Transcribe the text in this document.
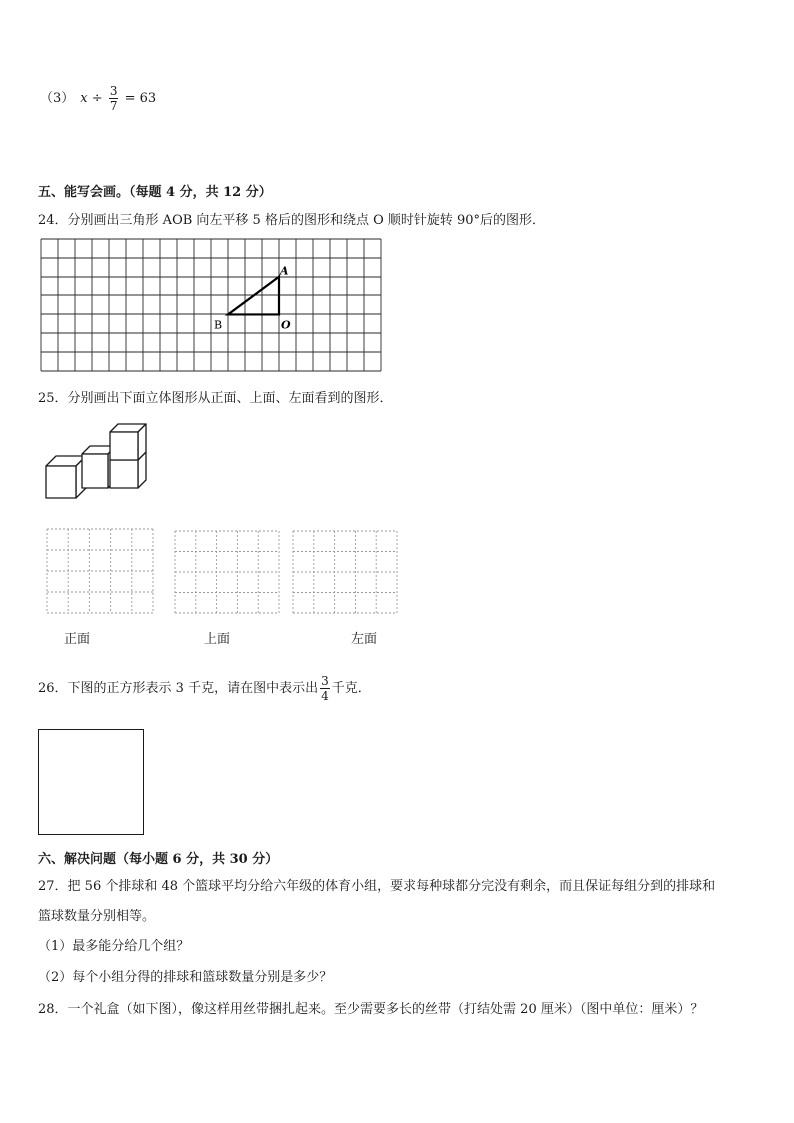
（3） $x \div \frac{3}{7} = 63$
五、能写会画。（每题 4 分，共 12 分）
24．分别画出三角形 AOB 向左平移 5 格后的图形和绕点 O 顺时针旋转 90°后的图形．
A
B	O
25．分别画出下面立体图形从正面、上面、左面看到的图形．
正面	上面	左面
26．下图的正方形表示 3 千克，请在图中表示出 $\frac{3}{4}$ 千克．
六、解决问题（每小题 6 分，共 30 分）
27．把 56 个排球和 48 个篮球平均分给六年级的体育小组，要求每种球都分完没有剩余，而且保证每组分到的排球和
篮球数量分别相等。
（1）最多能分给几个组？
（2）每个小组分得的排球和篮球数量分别是多少？
28．一个礼盒（如下图），像这样用丝带捆扎起来。至少需要多长的丝带（打结处需 20 厘米）（图中单位：厘米）？
